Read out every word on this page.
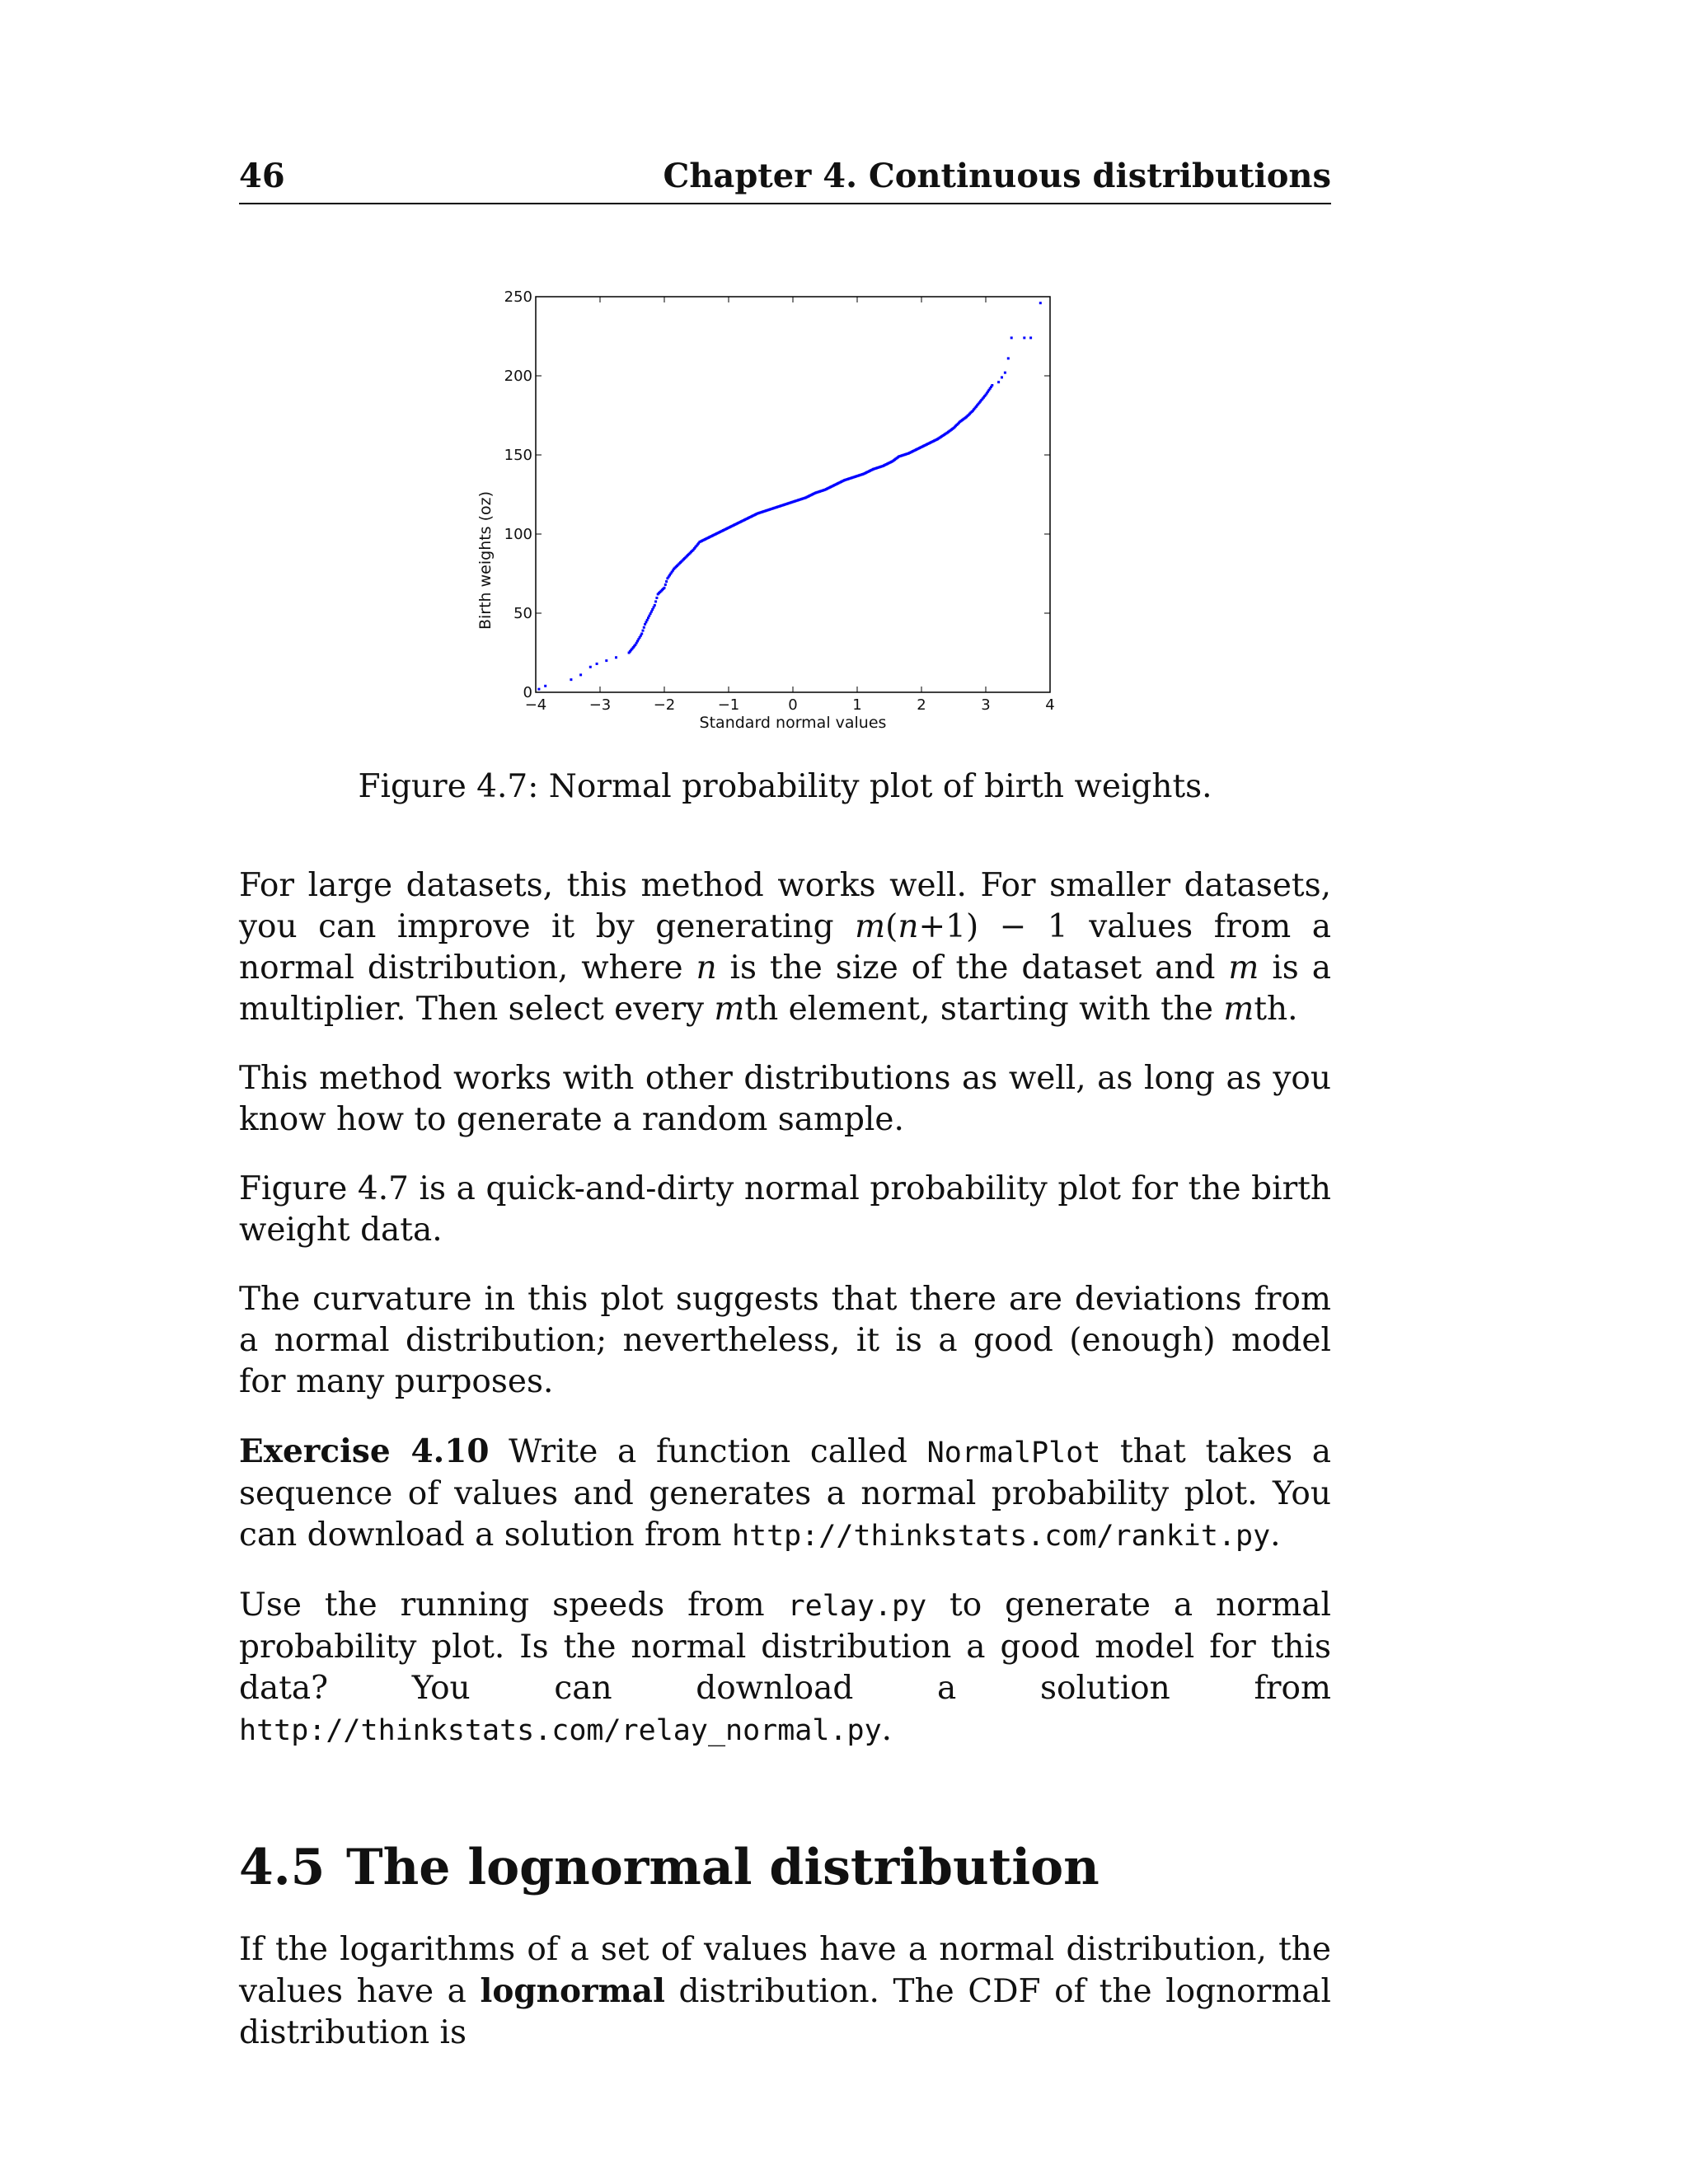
46	Chapter 4. Continuous distributions
−4	−3	−2	−1	0	1	2	3	4
0
50
100
150
200
250
Standard normal values
Birth weights (oz)
Figure 4.7: Normal probability plot of birth weights.

For large datasets, this method works well. For smaller datasets, you can improve it by generating m(n+1) − 1 values from a normal distribution, where n is the size of the dataset and m is a multiplier. Then select every mth element, starting with the mth.

This method works with other distributions as well, as long as you know how to generate a random sample.

Figure 4.7 is a quick-and-dirty normal probability plot for the birth weight data.

The curvature in this plot suggests that there are deviations from a normal distribution; nevertheless, it is a good (enough) model for many purposes.

Exercise 4.10 Write a function called NormalPlot that takes a sequence of values and generates a normal probability plot. You can download a solution from http://thinkstats.com/rankit.py.

Use the running speeds from relay.py to generate a normal probability plot. Is the normal distribution a good model for this data? You can download a solution from http://thinkstats.com/relay_normal.py.

4.5 The lognormal distribution

If the logarithms of a set of values have a normal distribution, the values have a lognormal distribution. The CDF of the lognormal distribution is
